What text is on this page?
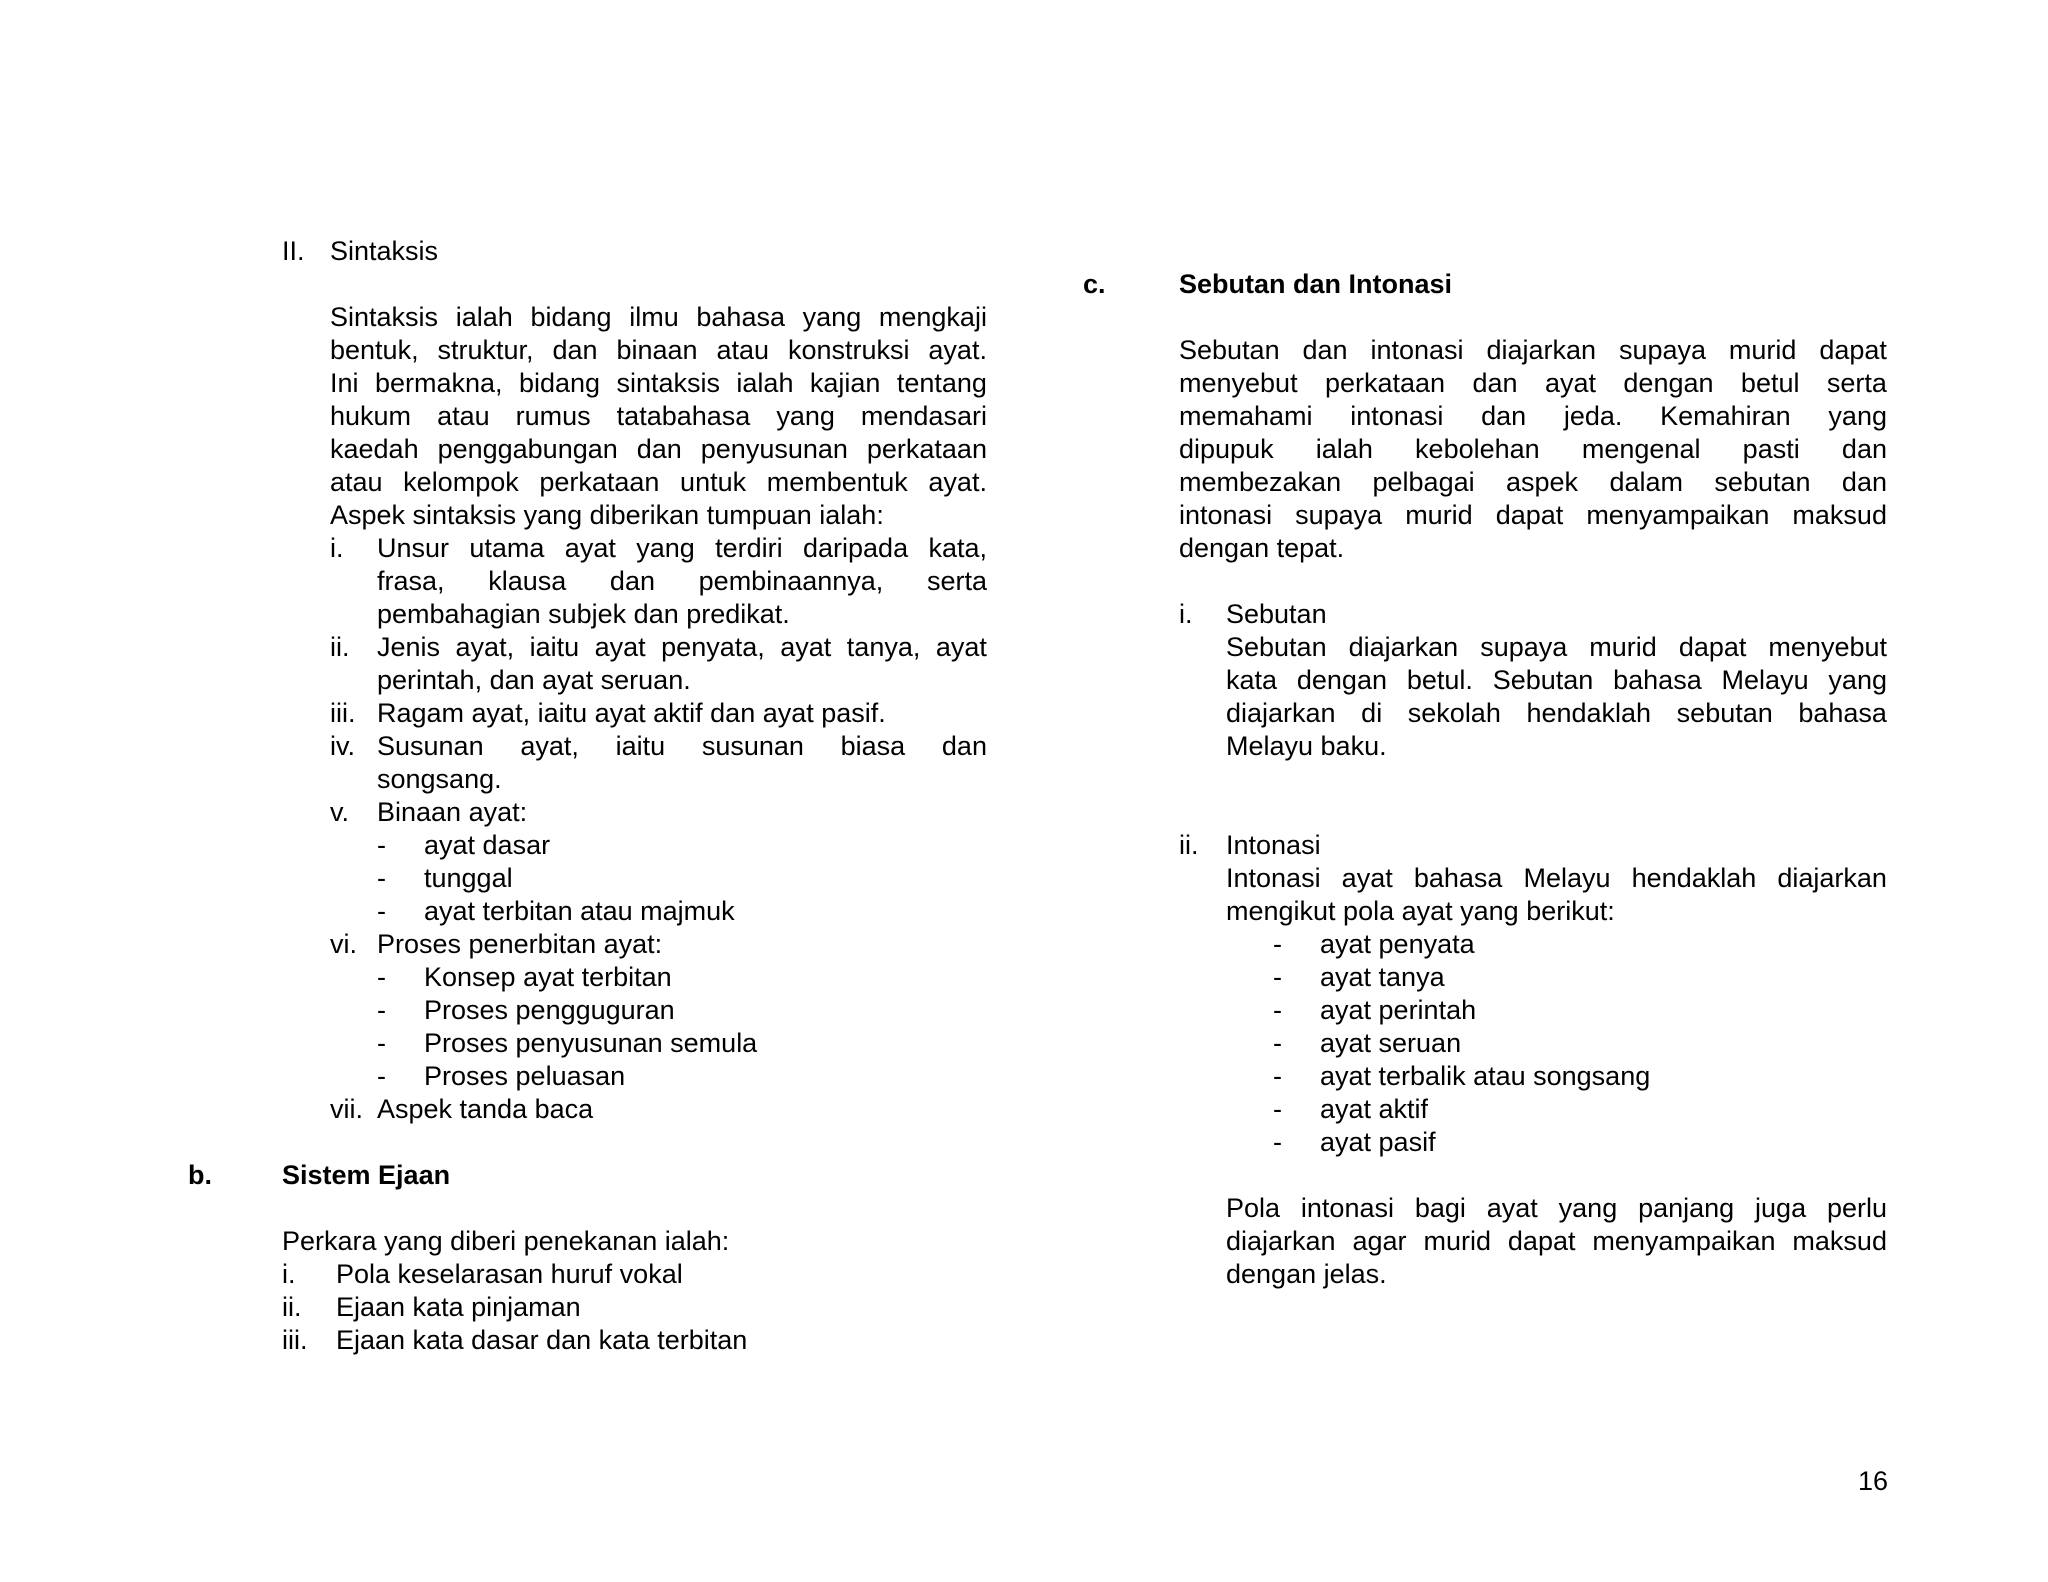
II. Sintaksis
Sintaksis ialah bidang ilmu bahasa yang mengkaji
bentuk, struktur, dan binaan atau konstruksi ayat.
Ini bermakna, bidang sintaksis ialah kajian tentang
hukum atau rumus tatabahasa yang mendasari
kaedah penggabungan dan penyusunan perkataan
atau kelompok perkataan untuk membentuk ayat.
Aspek sintaksis yang diberikan tumpuan ialah:
i. Unsur utama ayat yang terdiri daripada kata,
frasa, klausa dan pembinaannya, serta
pembahagian subjek dan predikat.
ii. Jenis ayat, iaitu ayat penyata, ayat tanya, ayat
perintah, dan ayat seruan.
iii. Ragam ayat, iaitu ayat aktif dan ayat pasif.
iv. Susunan ayat, iaitu susunan biasa dan
songsang.
v. Binaan ayat:
- ayat dasar
- tunggal
- ayat terbitan atau majmuk
vi. Proses penerbitan ayat:
- Konsep ayat terbitan
- Proses pengguguran
- Proses penyusunan semula
- Proses peluasan
vii. Aspek tanda baca
b.	Sistem Ejaan
Perkara yang diberi penekanan ialah:
i. Pola keselarasan huruf vokal
ii. Ejaan kata pinjaman
iii. Ejaan kata dasar dan kata terbitan
c.	Sebutan dan Intonasi
Sebutan dan intonasi diajarkan supaya murid dapat
menyebut perkataan dan ayat dengan betul serta
memahami intonasi dan jeda. Kemahiran yang
dipupuk ialah kebolehan mengenal pasti dan
membezakan pelbagai aspek dalam sebutan dan
intonasi supaya murid dapat menyampaikan maksud
dengan tepat.
i. Sebutan
Sebutan diajarkan supaya murid dapat menyebut
kata dengan betul. Sebutan bahasa Melayu yang
diajarkan di sekolah hendaklah sebutan bahasa
Melayu baku.
ii. Intonasi
Intonasi ayat bahasa Melayu hendaklah diajarkan
mengikut pola ayat yang berikut:
- ayat penyata
- ayat tanya
- ayat perintah
- ayat seruan
- ayat terbalik atau songsang
- ayat aktif
- ayat pasif
Pola intonasi bagi ayat yang panjang juga perlu
diajarkan agar murid dapat menyampaikan maksud
dengan jelas.
16
